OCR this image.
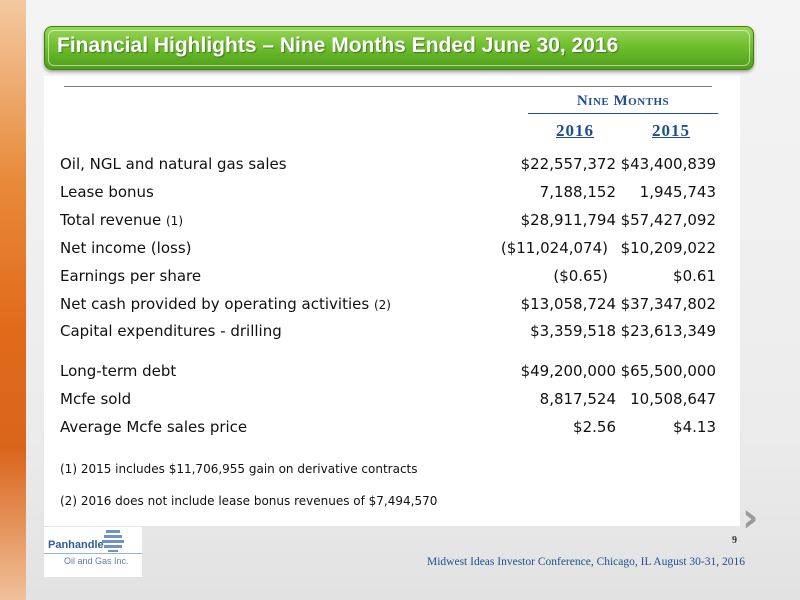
Financial Highlights – Nine Months Ended June 30, 2016
Nine Months
2016	2015
Oil, NGL and natural gas sales	$22,557,372 $43,400,839
Lease bonus	7,188,152 1,945,743
Total revenue (1)	$28,911,794 $57,427,092
Net income (loss)	($11,024,074) $10,209,022
Earnings per share	($0.65)	$0.61
Net cash provided by operating activities (2)	$13,058,724 $37,347,802
Capital expenditures - drilling	$3,359,518 $23,613,349
Long-term debt	$49,200,000 $65,500,000
Mcfe sold	8,817,524 10,508,647
Average Mcfe sales price	$2.56	$4.13
(1) 2015 includes $11,706,955 gain on derivative contracts
(2) 2016 does not include lease bonus revenues of $7,494,570	›
9
Panhandle
Oil and Gas Inc.	Midwest Ideas Investor Conference, Chicago, IL August 30-31, 2016
